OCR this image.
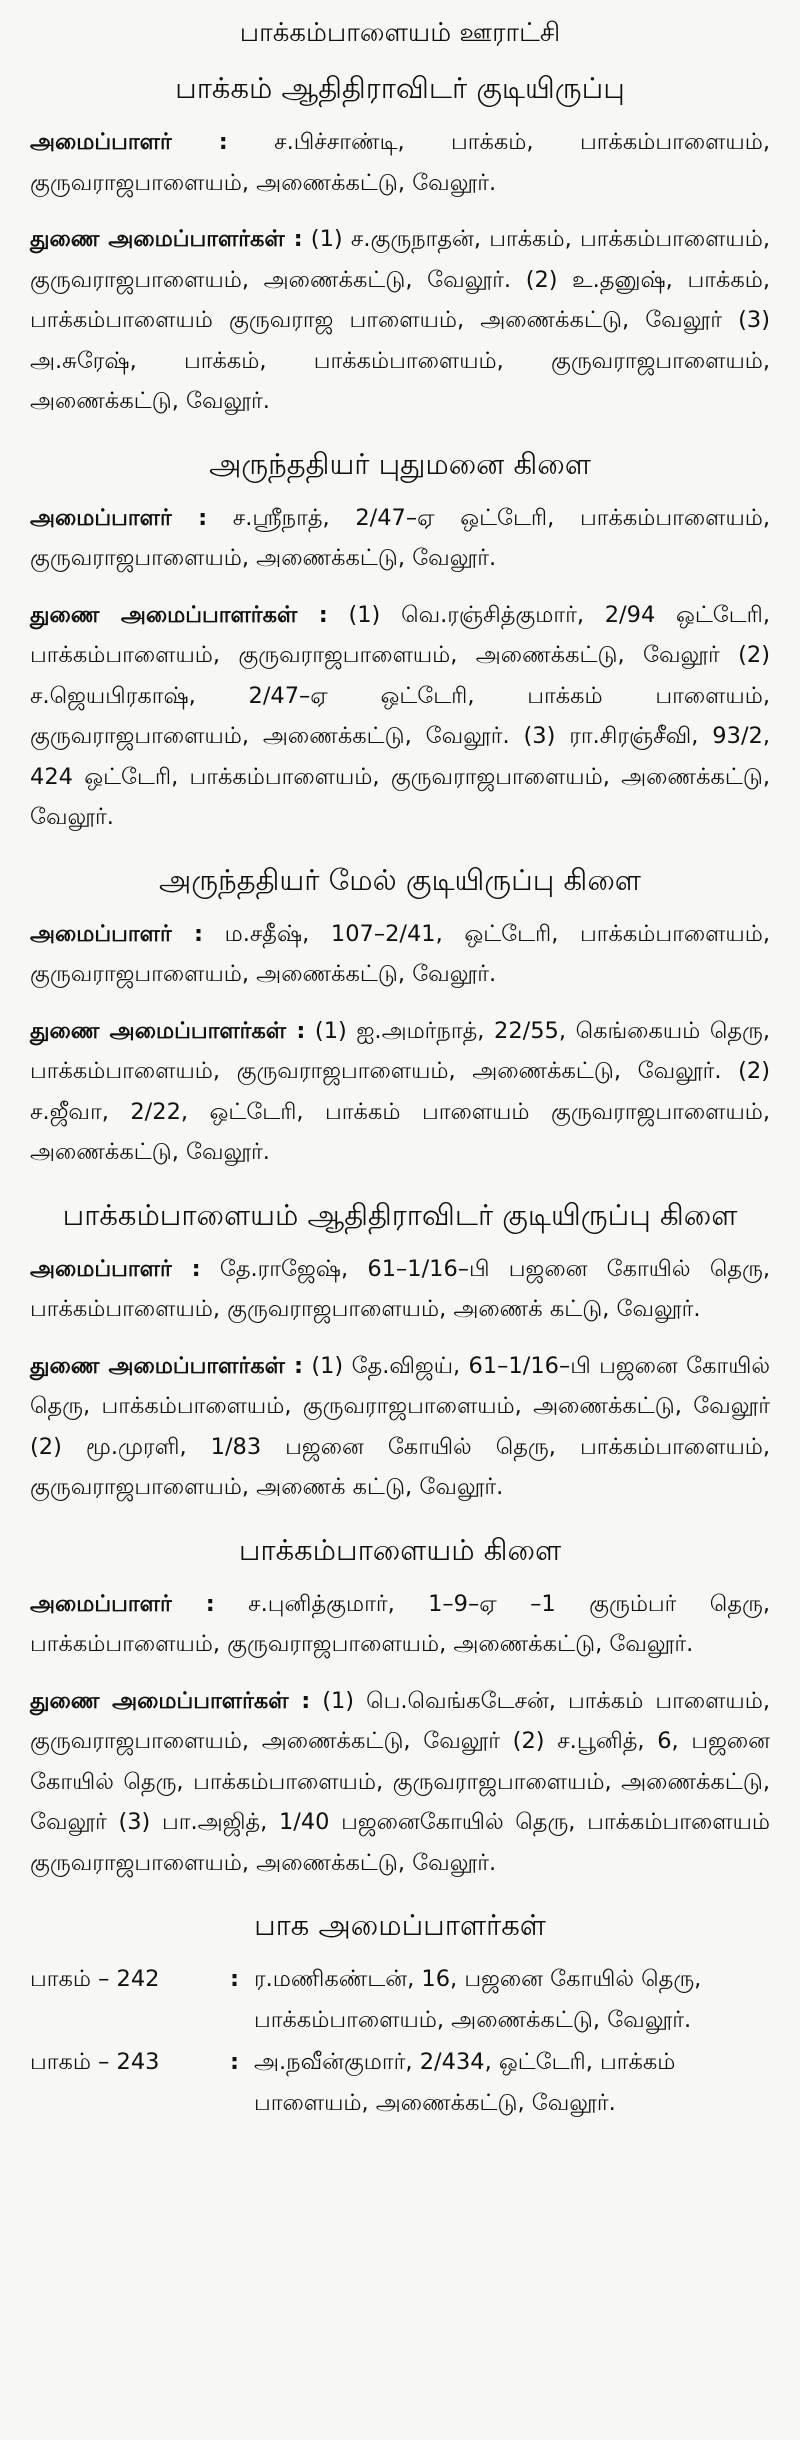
பாக்கம்பாளையம் ஊராட்சி
பாக்கம் ஆதிதிராவிடர் குடியிருப்பு

அமைப்பாளர் : ச.பிச்சாண்டி, பாக்கம், பாக்கம்பாளையம், குருவராஜபாளையம், அணைக்கட்டு, வேலூர்.

துணை அமைப்பாளர்கள் : (1) ச.குருநாதன், பாக்கம், பாக்கம்பாளையம், குருவராஜபாளையம், அணைக்கட்டு, வேலூர். (2) உ.தனுஷ், பாக்கம், பாக்கம்பாளையம் குருவராஜ பாளையம், அணைக்கட்டு, வேலூர் (3) அ.சுரேஷ், பாக்கம், பாக்கம்பாளையம், குருவராஜபாளையம், அணைக்கட்டு, வேலூர்.

அருந்ததியர் புதுமனை கிளை

அமைப்பாளர் : ச.ஸ்ரீநாத், 2/47–ஏ ஒட்டேரி, பாக்கம்பாளையம், குருவராஜபாளையம், அணைக்கட்டு, வேலூர்.

துணை அமைப்பாளர்கள் : (1) வெ.ரஞ்சித்குமார், 2/94 ஒட்டேரி, பாக்கம்பாளையம், குருவராஜபாளையம், அணைக்கட்டு, வேலூர் (2) ச.ஜெயபிரகாஷ், 2/47–ஏ ஒட்டேரி, பாக்கம் பாளையம், குருவராஜபாளையம், அணைக்கட்டு, வேலூர். (3) ரா.சிரஞ்சீவி, 93/2, 424 ஒட்டேரி, பாக்கம்பாளையம், குருவராஜபாளையம், அணைக்கட்டு, வேலூர்.

அருந்ததியர் மேல் குடியிருப்பு கிளை

அமைப்பாளர் : ம.சதீஷ், 107–2/41, ஒட்டேரி, பாக்கம்பாளையம், குருவராஜபாளையம், அணைக்கட்டு, வேலூர்.

துணை அமைப்பாளர்கள் : (1) ஐ.அமர்நாத், 22/55, கெங்கையம் தெரு, பாக்கம்பாளையம், குருவராஜபாளையம், அணைக்கட்டு, வேலூர். (2) ச.ஜீவா, 2/22, ஒட்டேரி, பாக்கம் பாளையம் குருவராஜபாளையம், அணைக்கட்டு, வேலூர்.

பாக்கம்பாளையம் ஆதிதிராவிடர் குடியிருப்பு கிளை

அமைப்பாளர் : தே.ராஜேஷ், 61–1/16–பி பஜனை கோயில் தெரு, பாக்கம்பாளையம், குருவராஜபாளையம், அணைக் கட்டு, வேலூர்.

துணை அமைப்பாளர்கள் : (1) தே.விஜய், 61–1/16–பி பஜனை கோயில் தெரு, பாக்கம்பாளையம், குருவராஜபாளையம், அணைக்கட்டு, வேலூர் (2) மூ.முரளி, 1/83 பஜனை கோயில் தெரு, பாக்கம்பாளையம், குருவராஜபாளையம், அணைக் கட்டு, வேலூர்.

பாக்கம்பாளையம் கிளை

அமைப்பாளர் : ச.புனித்குமார், 1–9–ஏ –1 குரும்பர் தெரு, பாக்கம்பாளையம், குருவராஜபாளையம், அணைக்கட்டு, வேலூர்.

துணை அமைப்பாளர்கள் : (1) பெ.வெங்கடேசன், பாக்கம் பாளையம், குருவராஜபாளையம், அணைக்கட்டு, வேலூர் (2) ச.பூனித், 6, பஜனை கோயில் தெரு, பாக்கம்பாளையம், குருவராஜபாளையம், அணைக்கட்டு, வேலூர் (3) பா.அஜித், 1/40 பஜனைகோயில் தெரு, பாக்கம்பாளையம் குருவராஜபாளையம், அணைக்கட்டு, வேலூர்.

பாக அமைப்பாளர்கள்
பாகம் – 242	: ர.மணிகண்டன், 16, பஜனை கோயில் தெரு, பாக்கம்பாளையம், அணைக்கட்டு, வேலூர்.
பாகம் – 243	: அ.நவீன்குமார், 2/434, ஒட்டேரி, பாக்கம் பாளையம், அணைக்கட்டு, வேலூர்.
